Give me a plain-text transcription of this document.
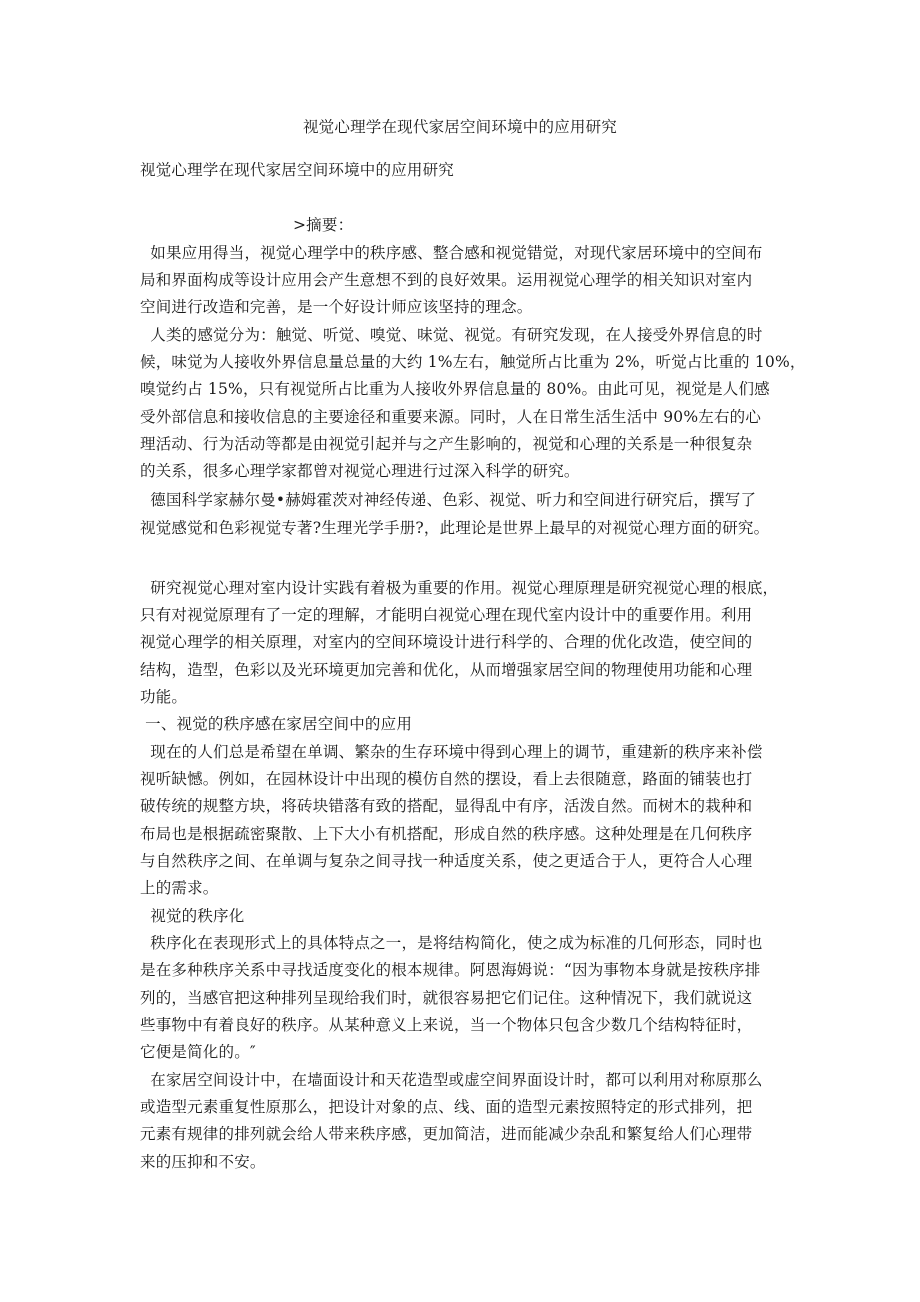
视觉心理学在现代家居空间环境中的应用研究
视觉心理学在现代家居空间环境中的应用研究
>摘要：
如果应用得当，视觉心理学中的秩序感、整合感和视觉错觉，对现代家居环境中的空间布
局和界面构成等设计应用会产生意想不到的良好效果。运用视觉心理学的相关知识对室内
空间进行改造和完善，是一个好设计师应该坚持的理念。
人类的感觉分为：触觉、听觉、嗅觉、味觉、视觉。有研究发现，在人接受外界信息的时
候，味觉为人接收外界信息量总量的大约 1%左右，触觉所占比重为 2%，听觉占比重的 10%，
嗅觉约占 15%，只有视觉所占比重为人接收外界信息量的 80%。由此可见，视觉是人们感
受外部信息和接收信息的主要途径和重要来源。同时，人在日常生活生活中 90%左右的心
理活动、行为活动等都是由视觉引起并与之产生影响的，视觉和心理的关系是一种很复杂
的关系，很多心理学家都曾对视觉心理进行过深入科学的研究。
德国科学家赫尔曼•赫姆霍茨对神经传递、色彩、视觉、听力和空间进行研究后，撰写了
视觉感觉和色彩视觉专著?生理光学手册?，此理论是世界上最早的对视觉心理方面的研究。
研究视觉心理对室内设计实践有着极为重要的作用。视觉心理原理是研究视觉心理的根底，
只有对视觉原理有了一定的理解，才能明白视觉心理在现代室内设计中的重要作用。利用
视觉心理学的相关原理，对室内的空间环境设计进行科学的、合理的优化改造，使空间的
结构，造型，色彩以及光环境更加完善和优化，从而增强家居空间的物理使用功能和心理
功能。
一、视觉的秩序感在家居空间中的应用
现在的人们总是希望在单调、繁杂的生存环境中得到心理上的调节，重建新的秩序来补偿
视听缺憾。例如，在园林设计中出现的模仿自然的摆设，看上去很随意，路面的铺装也打
破传统的规整方块，将砖块错落有致的搭配，显得乱中有序，活泼自然。而树木的栽种和
布局也是根据疏密聚散、上下大小有机搭配，形成自然的秩序感。这种处理是在几何秩序
与自然秩序之间、在单调与复杂之间寻找一种适度关系，使之更适合于人，更符合人心理
上的需求。
视觉的秩序化
秩序化在表现形式上的具体特点之一，是将结构简化，使之成为标准的几何形态，同时也
是在多种秩序关系中寻找适度变化的根本规律。阿恩海姆说：“因为事物本身就是按秩序排
列的，当感官把这种排列呈现给我们时，就很容易把它们记住。这种情况下，我们就说这
些事物中有着良好的秩序。从某种意义上来说，当一个物体只包含少数几个结构特征时，
它便是简化的。″
在家居空间设计中，在墙面设计和天花造型或虚空间界面设计时，都可以利用对称原那么
或造型元素重复性原那么，把设计对象的点、线、面的造型元素按照特定的形式排列，把
元素有规律的排列就会给人带来秩序感，更加简洁，进而能减少杂乱和繁复给人们心理带
来的压抑和不安。
